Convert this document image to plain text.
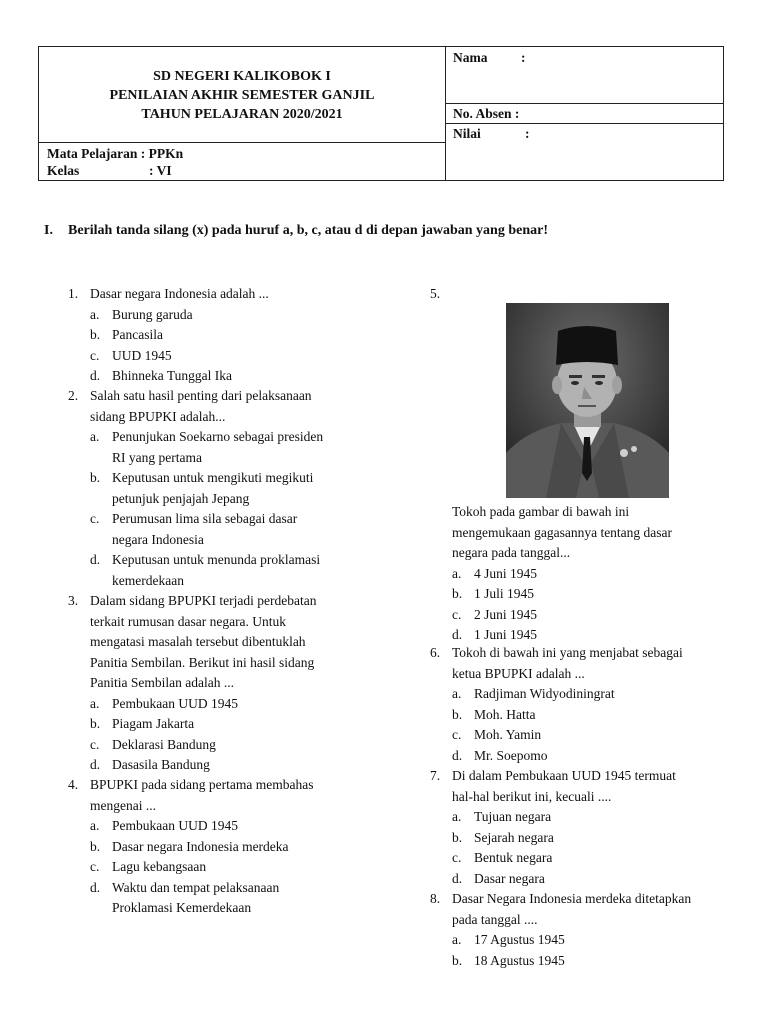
SD NEGERI KALIKOBOK I
PENILAIAN AKHIR SEMESTER GANJIL
TAHUN PELAJARAN 2020/2021
Mata Pelajaran : PPKn
Kelas	: VI
Nama :
No. Absen :
Nilai	:
I. Berilah tanda silang (x) pada huruf a, b, c, atau d di depan jawaban yang benar!
1. Dasar negara Indonesia adalah ...
a. Burung garuda
b. Pancasila
c. UUD 1945
d. Bhinneka Tunggal Ika
2. Salah satu hasil penting dari pelaksanaan
sidang BPUPKI adalah...
a. Penunjukan Soekarno sebagai presiden
RI yang pertama
b. Keputusan untuk mengikuti megikuti
petunjuk penjajah Jepang
c. Perumusan lima sila sebagai dasar
negara Indonesia
d. Keputusan untuk menunda proklamasi
kemerdekaan
3. Dalam sidang BPUPKI terjadi perdebatan
terkait rumusan dasar negara. Untuk
mengatasi masalah tersebut dibentuklah
Panitia Sembilan. Berikut ini hasil sidang
Panitia Sembilan adalah ...
a. Pembukaan UUD 1945
b. Piagam Jakarta
c. Deklarasi Bandung
d. Dasasila Bandung
4. BPUPKI pada sidang pertama membahas
mengenai ...
a. Pembukaan UUD 1945
b. Dasar negara Indonesia merdeka
c. Lagu kebangsaan
d. Waktu dan tempat pelaksanaan
Proklamasi Kemerdekaan
5.
Tokoh pada gambar di bawah ini
mengemukaan gagasannya tentang dasar
negara pada tanggal...
a. 4 Juni 1945
b. 1 Juli 1945
c. 2 Juni 1945
d. 1 Juni 1945
6. Tokoh di bawah ini yang menjabat sebagai
ketua BPUPKI adalah ...
a. Radjiman Widyodiningrat
b. Moh. Hatta
c. Moh. Yamin
d. Mr. Soepomo
7. Di dalam Pembukaan UUD 1945 termuat
hal-hal berikut ini, kecuali ....
a. Tujuan negara
b. Sejarah negara
c. Bentuk negara
d. Dasar negara
8. Dasar Negara Indonesia merdeka ditetapkan
pada tanggal ....
a. 17 Agustus 1945
b. 18 Agustus 1945
